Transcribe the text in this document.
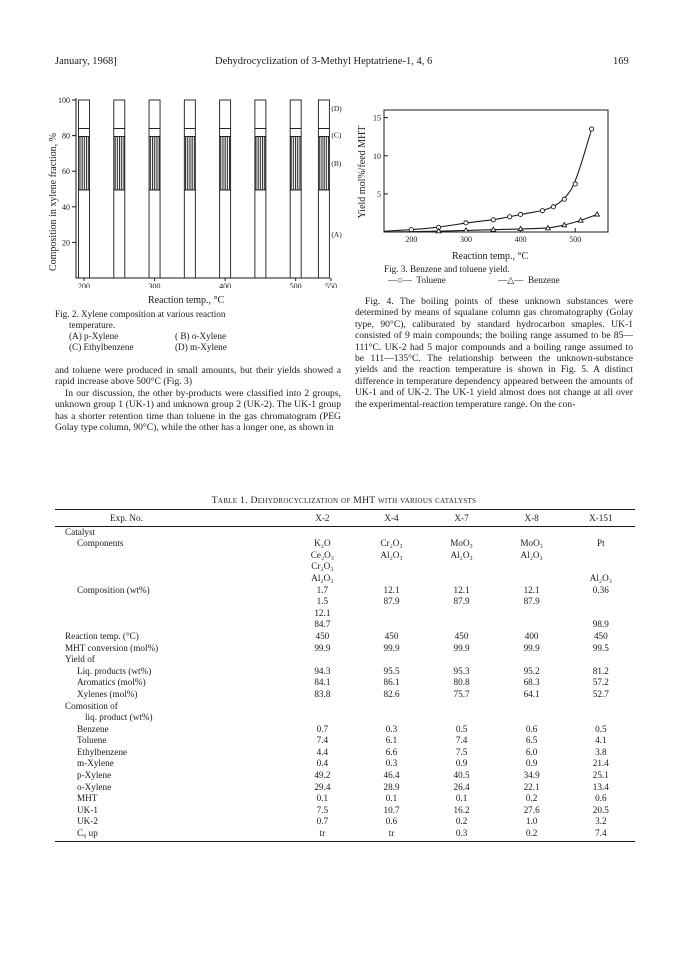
January, 1968]	Dehydrocyclization of 3-Methyl Heptatriene-1, 4, 6	169
20
40
60
80
100
200	300	400	500	550
(D)
(C)
(B)
(A)
Composition in xylene fraction, %
Reaction temp., °C
Fig. 2. Xylene composition at various reaction
temperature.
(A) p-Xylene	( B) o-Xylene
(C) Ethylbenzene	(D) m-Xylene

and toluene were produced in small amounts, but their yields showed a rapid increase above 500°C (Fig. 3)

In our discussion, the other by-products were classified into 2 groups, unknown group 1 (UK-1) and unknown group 2 (UK-2). The UK-1 group has a shorter retention time than toluene in the gas chromatogram (PEG Golay type column, 90°C), while the other has a longer one, as shown in

5
10
15
200	300	400	500
Yield mol%/feed MHT
Reaction temp., °C
Fig. 3. Benzene and toluene yield.
—○—  Toluene	—△—  Benzene
Fig. 4. The boiling points of these unknown substances were determined by means of squalane column gas chromatography (Golay type, 90°C), caliburated by standard hydrocarbon smaples. UK-1 consisted of 9 main compounds; the boiling range assumed to be 85—111°C. UK-2 had 5 major compounds and a boiling range assumed to be 111—135°C. The relationship between the unknown-substance yields and the reaction temperature is shown in Fig. 5. A distinct difference in temperature dependency appeared between the amounts of UK-1 and of UK-2. The UK-1 yield almost does not change at all over the experimental-reaction temperature range. On the con-
Table 1. Dehydrocyclization of MHT with various catalysts
Exp. No.	X-2	X-4	X-7	X-8	X-151
Catalyst					
Components	K₂O	Cr₂O₃	MoO₃	MoO₃	Pt
	Ce₂O₃	Al₂O₃	Al₂O₃	Al₂O₃	
	Cr₂O₃				
	Al₂O₃				Al₂O₃
Composition (wt%)	1.7	12.1	12.1	12.1	0.36
	1.5	87.9	87.9	87.9	
	12.1				
	84.7				98.9
Reaction temp. (°C)	450	450	450	400	450
MHT conversion (mol%)	99.9	99.9	99.9	99.9	99.5
Yield of					
Liq. products (wt%)	94.3	95.5	95.3	95.2	81.2
Aromatics (mol%)	84.1	86.1	80.8	68.3	57.2
Xylenes (mol%)	83.8	82.6	75.7	64.1	52.7
Comosition of					
liq. product (wt%)					
Benzene	0.7	0.3	0.5	0.6	0.5
Toluene	7.4	6.1	7.4	6.5	4.1
Ethylbenzene	4.4	6.6	7.5	6.0	3.8
m-Xylene	0.4	0.3	0.9	0.9	21.4
p-Xylene	49.2	46.4	40.5	34.9	25.1
o-Xylene	29.4	28.9	26.4	22.1	13.4
MHT	0.1	0.1	0.1	0.2	0.6
UK-1	7.5	10.7	16.2	27.6	20.5
UK-2	0.7	0.6	0.2	1.0	3.2
C₉ up	tr	tr	0.3	0.2	7.4
